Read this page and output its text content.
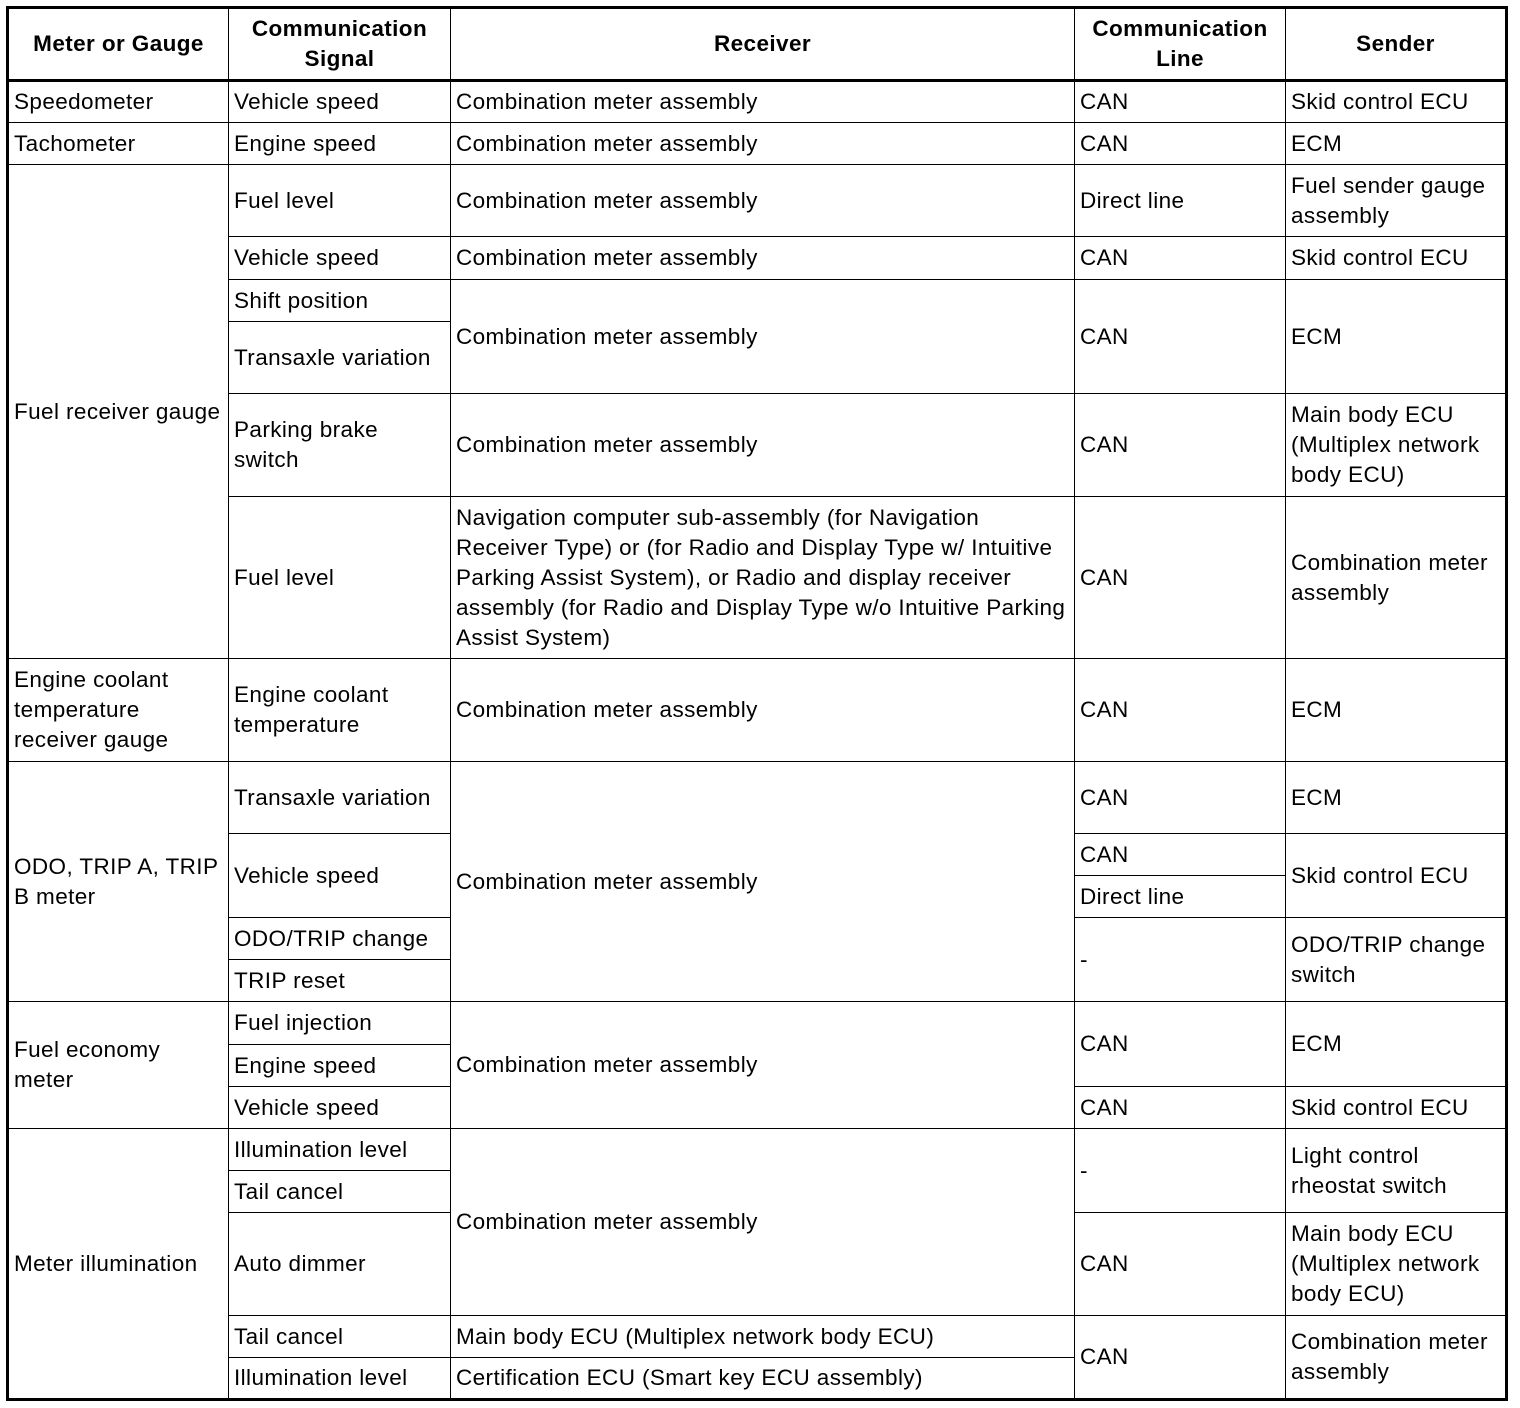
Meter or Gauge	Communication Signal	Receiver	Communication Line	Sender
Speedometer	Vehicle speed	Combination meter assembly	CAN	Skid control ECU
Tachometer	Engine speed	Combination meter assembly	CAN	ECM
Fuel receiver gauge	Fuel level	Combination meter assembly	Direct line	Fuel sender gauge assembly
	Vehicle speed	Combination meter assembly	CAN	Skid control ECU
	Shift position	Combination meter assembly	CAN	ECM
	Transaxle variation			
	Parking brake switch	Combination meter assembly	CAN	Main body ECU (Multiplex network body ECU)
	Fuel level	Navigation computer sub-assembly (for Navigation Receiver Type) or (for Radio and Display Type w/ Intuitive Parking Assist System), or Radio and display receiver assembly (for Radio and Display Type w/o Intuitive Parking Assist System)	CAN	Combination meter assembly
Engine coolant temperature receiver gauge	Engine coolant temperature	Combination meter assembly	CAN	ECM
ODO, TRIP A, TRIP B meter	Transaxle variation	Combination meter assembly	CAN	ECM
	Vehicle speed		CAN	Skid control ECU
			Direct line	
	ODO/TRIP change		-	ODO/TRIP change switch
	TRIP reset			
Fuel economy meter	Fuel injection	Combination meter assembly	CAN	ECM
	Engine speed			
	Vehicle speed		CAN	Skid control ECU
Meter illumination	Illumination level	Combination meter assembly	-	Light control rheostat switch
	Tail cancel			
	Auto dimmer		CAN	Main body ECU (Multiplex network body ECU)
	Tail cancel	Main body ECU (Multiplex network body ECU)	CAN	Combination meter assembly
	Illumination level	Certification ECU (Smart key ECU assembly)		
